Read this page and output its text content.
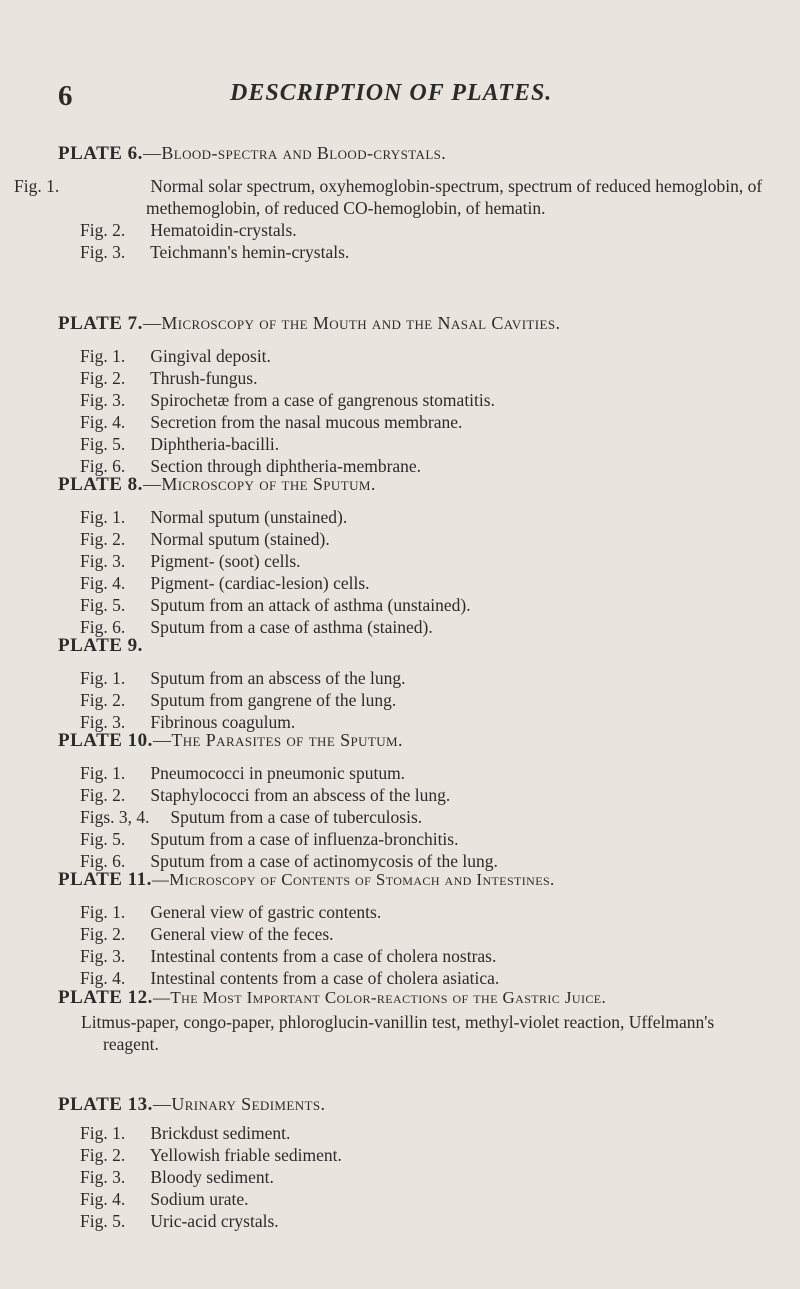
6	DESCRIPTION OF PLATES.
PLATE 6.—Blood-spectra and Blood-crystals.
Fig. 1.	Normal solar spectrum, oxyhemoglobin-spectrum, spectrum of reduced hemoglobin, of methemoglobin, of reduced CO-hemoglobin, of hematin.
Fig. 2. Hematoidin-crystals.
Fig. 3. Teichmann's hemin-crystals.
PLATE 7.—Microscopy of the Mouth and the Nasal Cavities.
Fig. 1. Gingival deposit.
Fig. 2. Thrush-fungus.
Fig. 3. Spirochetæ from a case of gangrenous stomatitis.
Fig. 4. Secretion from the nasal mucous membrane.
Fig. 5. Diphtheria-bacilli.
Fig. 6. Section through diphtheria-membrane.
PLATE 8.—Microscopy of the Sputum.
Fig. 1. Normal sputum (unstained).
Fig. 2. Normal sputum (stained).
Fig. 3. Pigment- (soot) cells.
Fig. 4. Pigment- (cardiac-lesion) cells.
Fig. 5. Sputum from an attack of asthma (unstained).
Fig. 6. Sputum from a case of asthma (stained).
PLATE 9.
Fig. 1. Sputum from an abscess of the lung.
Fig. 2. Sputum from gangrene of the lung.
Fig. 3. Fibrinous coagulum.
PLATE 10.—The Parasites of the Sputum.
Fig. 1. Pneumococci in pneumonic sputum.
Fig. 2. Staphylococci from an abscess of the lung.
Figs. 3, 4. Sputum from a case of tuberculosis.
Fig. 5. Sputum from a case of influenza-bronchitis.
Fig. 6. Sputum from a case of actinomycosis of the lung.
PLATE 11.—Microscopy of Contents of Stomach and Intestines.
Fig. 1. General view of gastric contents.
Fig. 2. General view of the feces.
Fig. 3. Intestinal contents from a case of cholera nostras.
Fig. 4. Intestinal contents from a case of cholera asiatica.
PLATE 12.—The Most Important Color-reactions of the Gastric Juice.
Litmus-paper, congo-paper, phloroglucin-vanillin test, methyl-violet reaction, Uffelmann's reagent.
PLATE 13.—Urinary Sediments.
Fig. 1. Brickdust sediment.
Fig. 2. Yellowish friable sediment.
Fig. 3. Bloody sediment.
Fig. 4. Sodium urate.
Fig. 5. Uric-acid crystals.
